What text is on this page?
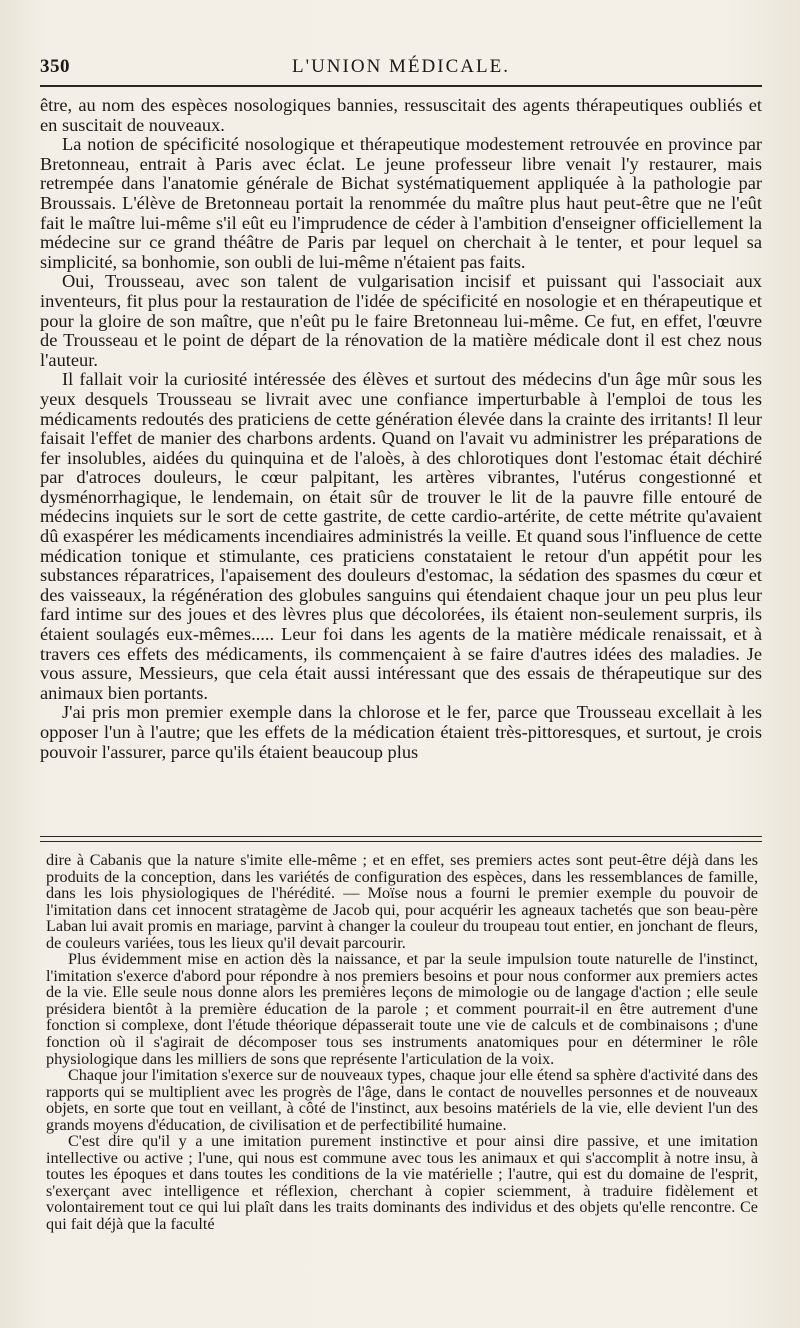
350	L'UNION MÉDICALE.

être, au nom des espèces nosologiques bannies, ressuscitait des agents thérapeutiques oubliés et en suscitait de nouveaux.

La notion de spécificité nosologique et thérapeutique modestement retrouvée en province par Bretonneau, entrait à Paris avec éclat. Le jeune professeur libre venait l'y restaurer, mais retrempée dans l'anatomie générale de Bichat systématiquement appliquée à la pathologie par Broussais. L'élève de Bretonneau portait la renommée du maître plus haut peut-être que ne l'eût fait le maître lui-même s'il eût eu l'imprudence de céder à l'ambition d'enseigner officiellement la médecine sur ce grand théâtre de Paris par lequel on cherchait à le tenter, et pour lequel sa simplicité, sa bonhomie, son oubli de lui-même n'étaient pas faits.

Oui, Trousseau, avec son talent de vulgarisation incisif et puissant qui l'associait aux inventeurs, fit plus pour la restauration de l'idée de spécificité en nosologie et en thérapeutique et pour la gloire de son maître, que n'eût pu le faire Bretonneau lui-même. Ce fut, en effet, l'œuvre de Trousseau et le point de départ de la rénovation de la matière médicale dont il est chez nous l'auteur.

Il fallait voir la curiosité intéressée des élèves et surtout des médecins d'un âge mûr sous les yeux desquels Trousseau se livrait avec une confiance imperturbable à l'emploi de tous les médicaments redoutés des praticiens de cette génération élevée dans la crainte des irritants! Il leur faisait l'effet de manier des charbons ardents. Quand on l'avait vu administrer les préparations de fer insolubles, aidées du quinquina et de l'aloès, à des chlorotiques dont l'estomac était déchiré par d'atroces douleurs, le cœur palpitant, les artères vibrantes, l'utérus congestionné et dysménorrhagique, le lendemain, on était sûr de trouver le lit de la pauvre fille entouré de médecins inquiets sur le sort de cette gastrite, de cette cardio-artérite, de cette métrite qu'avaient dû exaspérer les médicaments incendiaires administrés la veille. Et quand sous l'influence de cette médication tonique et stimulante, ces praticiens constataient le retour d'un appétit pour les substances réparatrices, l'apaisement des douleurs d'estomac, la sédation des spasmes du cœur et des vaisseaux, la régénération des globules sanguins qui étendaient chaque jour un peu plus leur fard intime sur des joues et des lèvres plus que décolorées, ils étaient non-seulement surpris, ils étaient soulagés eux-mêmes..... Leur foi dans les agents de la matière médicale renaissait, et à travers ces effets des médicaments, ils commençaient à se faire d'autres idées des maladies. Je vous assure, Messieurs, que cela était aussi intéressant que des essais de thérapeutique sur des animaux bien portants.

J'ai pris mon premier exemple dans la chlorose et le fer, parce que Trousseau excellait à les opposer l'un à l'autre; que les effets de la médication étaient très-pittoresques, et surtout, je crois pouvoir l'assurer, parce qu'ils étaient beaucoup plus

dire à Cabanis que la nature s'imite elle-même ; et en effet, ses premiers actes sont peut-être déjà dans les produits de la conception, dans les variétés de configuration des espèces, dans les ressemblances de famille, dans les lois physiologiques de l'hérédité. — Moïse nous a fourni le premier exemple du pouvoir de l'imitation dans cet innocent stratagème de Jacob qui, pour acquérir les agneaux tachetés que son beau-père Laban lui avait promis en mariage, parvint à changer la couleur du troupeau tout entier, en jonchant de fleurs, de couleurs variées, tous les lieux qu'il devait parcourir.

Plus évidemment mise en action dès la naissance, et par la seule impulsion toute naturelle de l'instinct, l'imitation s'exerce d'abord pour répondre à nos premiers besoins et pour nous conformer aux premiers actes de la vie. Elle seule nous donne alors les premières leçons de mimologie ou de langage d'action ; elle seule présidera bientôt à la première éducation de la parole ; et comment pourrait-il en être autrement d'une fonction si complexe, dont l'étude théorique dépasserait toute une vie de calculs et de combinaisons ; d'une fonction où il s'agirait de décomposer tous ses instruments anatomiques pour en déterminer le rôle physiologique dans les milliers de sons que représente l'articulation de la voix.

Chaque jour l'imitation s'exerce sur de nouveaux types, chaque jour elle étend sa sphère d'activité dans des rapports qui se multiplient avec les progrès de l'âge, dans le contact de nouvelles personnes et de nouveaux objets, en sorte que tout en veillant, à côté de l'instinct, aux besoins matériels de la vie, elle devient l'un des grands moyens d'éducation, de civilisation et de perfectibilité humaine.

C'est dire qu'il y a une imitation purement instinctive et pour ainsi dire passive, et une imitation intellective ou active ; l'une, qui nous est commune avec tous les animaux et qui s'accomplit à notre insu, à toutes les époques et dans toutes les conditions de la vie matérielle ; l'autre, qui est du domaine de l'esprit, s'exerçant avec intelligence et réflexion, cherchant à copier sciemment, à traduire fidèlement et volontairement tout ce qui lui plaît dans les traits dominants des individus et des objets qu'elle rencontre. Ce qui fait déjà que la faculté
